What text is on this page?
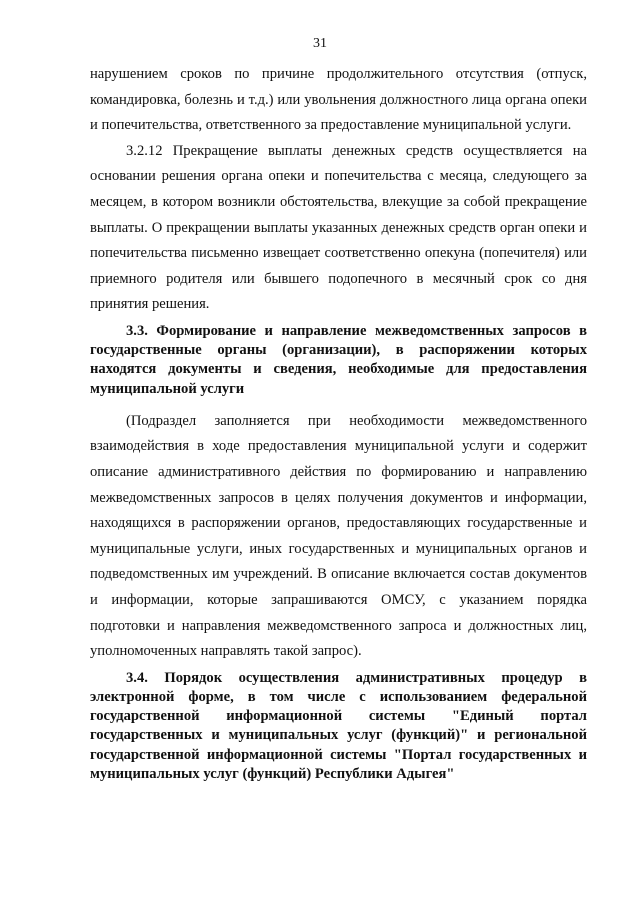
31

нарушением сроков по причине продолжительного отсутствия (отпуск, командировка, болезнь и т.д.) или увольнения должностного лица органа опеки и попечительства, ответственного за предоставление муниципальной услуги.

3.2.12 Прекращение выплаты денежных средств осуществляется на основании решения органа опеки и попечительства с месяца, следующего за месяцем, в котором возникли обстоятельства, влекущие за собой прекращение выплаты. О прекращении выплаты указанных денежных средств орган опеки и попечительства письменно извещает соответственно опекуна (попечителя) или приемного родителя или бывшего подопечного в месячный срок со дня принятия решения.

3.3. Формирование и направление межведомственных запросов в государственные органы (организации), в распоряжении которых находятся документы и сведения, необходимые для предоставления муниципальной услуги

(Подраздел заполняется при необходимости межведомственного взаимодействия в ходе предоставления муниципальной услуги и содержит описание административного действия по формированию и направлению межведомственных запросов в целях получения документов и информации, находящихся в распоряжении органов, предоставляющих государственные и муниципальные услуги, иных государственных и муниципальных органов и подведомственных им учреждений. В описание включается состав документов и информации, которые запрашиваются ОМСУ, с указанием порядка подготовки и направления межведомственного запроса и должностных лиц, уполномоченных направлять такой запрос).

3.4. Порядок осуществления административных процедур в электронной форме, в том числе с использованием федеральной государственной информационной системы "Единый портал государственных и муниципальных услуг (функций)" и региональной государственной информационной системы "Портал государственных и муниципальных услуг (функций) Республики Адыгея"
